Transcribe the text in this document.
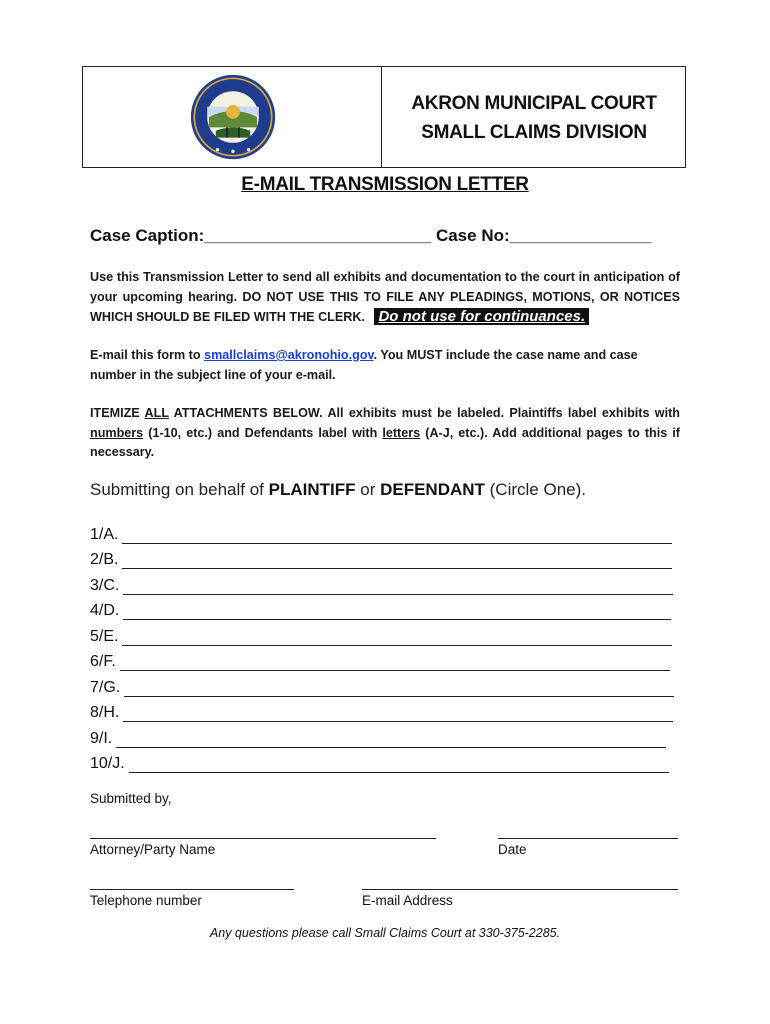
AKRON MUNICIPAL COURT
SMALL CLAIMS DIVISION
E-MAIL TRANSMISSION LETTER
Case Caption:________________________ Case No:_______________
Use this Transmission Letter to send all exhibits and documentation to the court in anticipation of your upcoming hearing. DO NOT USE THIS TO FILE ANY PLEADINGS, MOTIONS, OR NOTICES WHICH SHOULD BE FILED WITH THE CLERK. Do not use for continuances.
E-mail this form to smallclaims@akronohio.gov. You MUST include the case name and case number in the subject line of your e-mail.
ITEMIZE ALL ATTACHMENTS BELOW. All exhibits must be labeled. Plaintiffs label exhibits with numbers (1-10, etc.) and Defendants label with letters (A-J, etc.). Add additional pages to this if necessary.
Submitting on behalf of PLAINTIFF or DEFENDANT (Circle One).
1/A.
2/B.
3/C.
4/D.
5/E.
6/F.
7/G.
8/H.
9/I.
10/J.
Submitted by,
Attorney/Party Name	Date
Telephone number	E-mail Address
Any questions please call Small Claims Court at 330-375-2285.
